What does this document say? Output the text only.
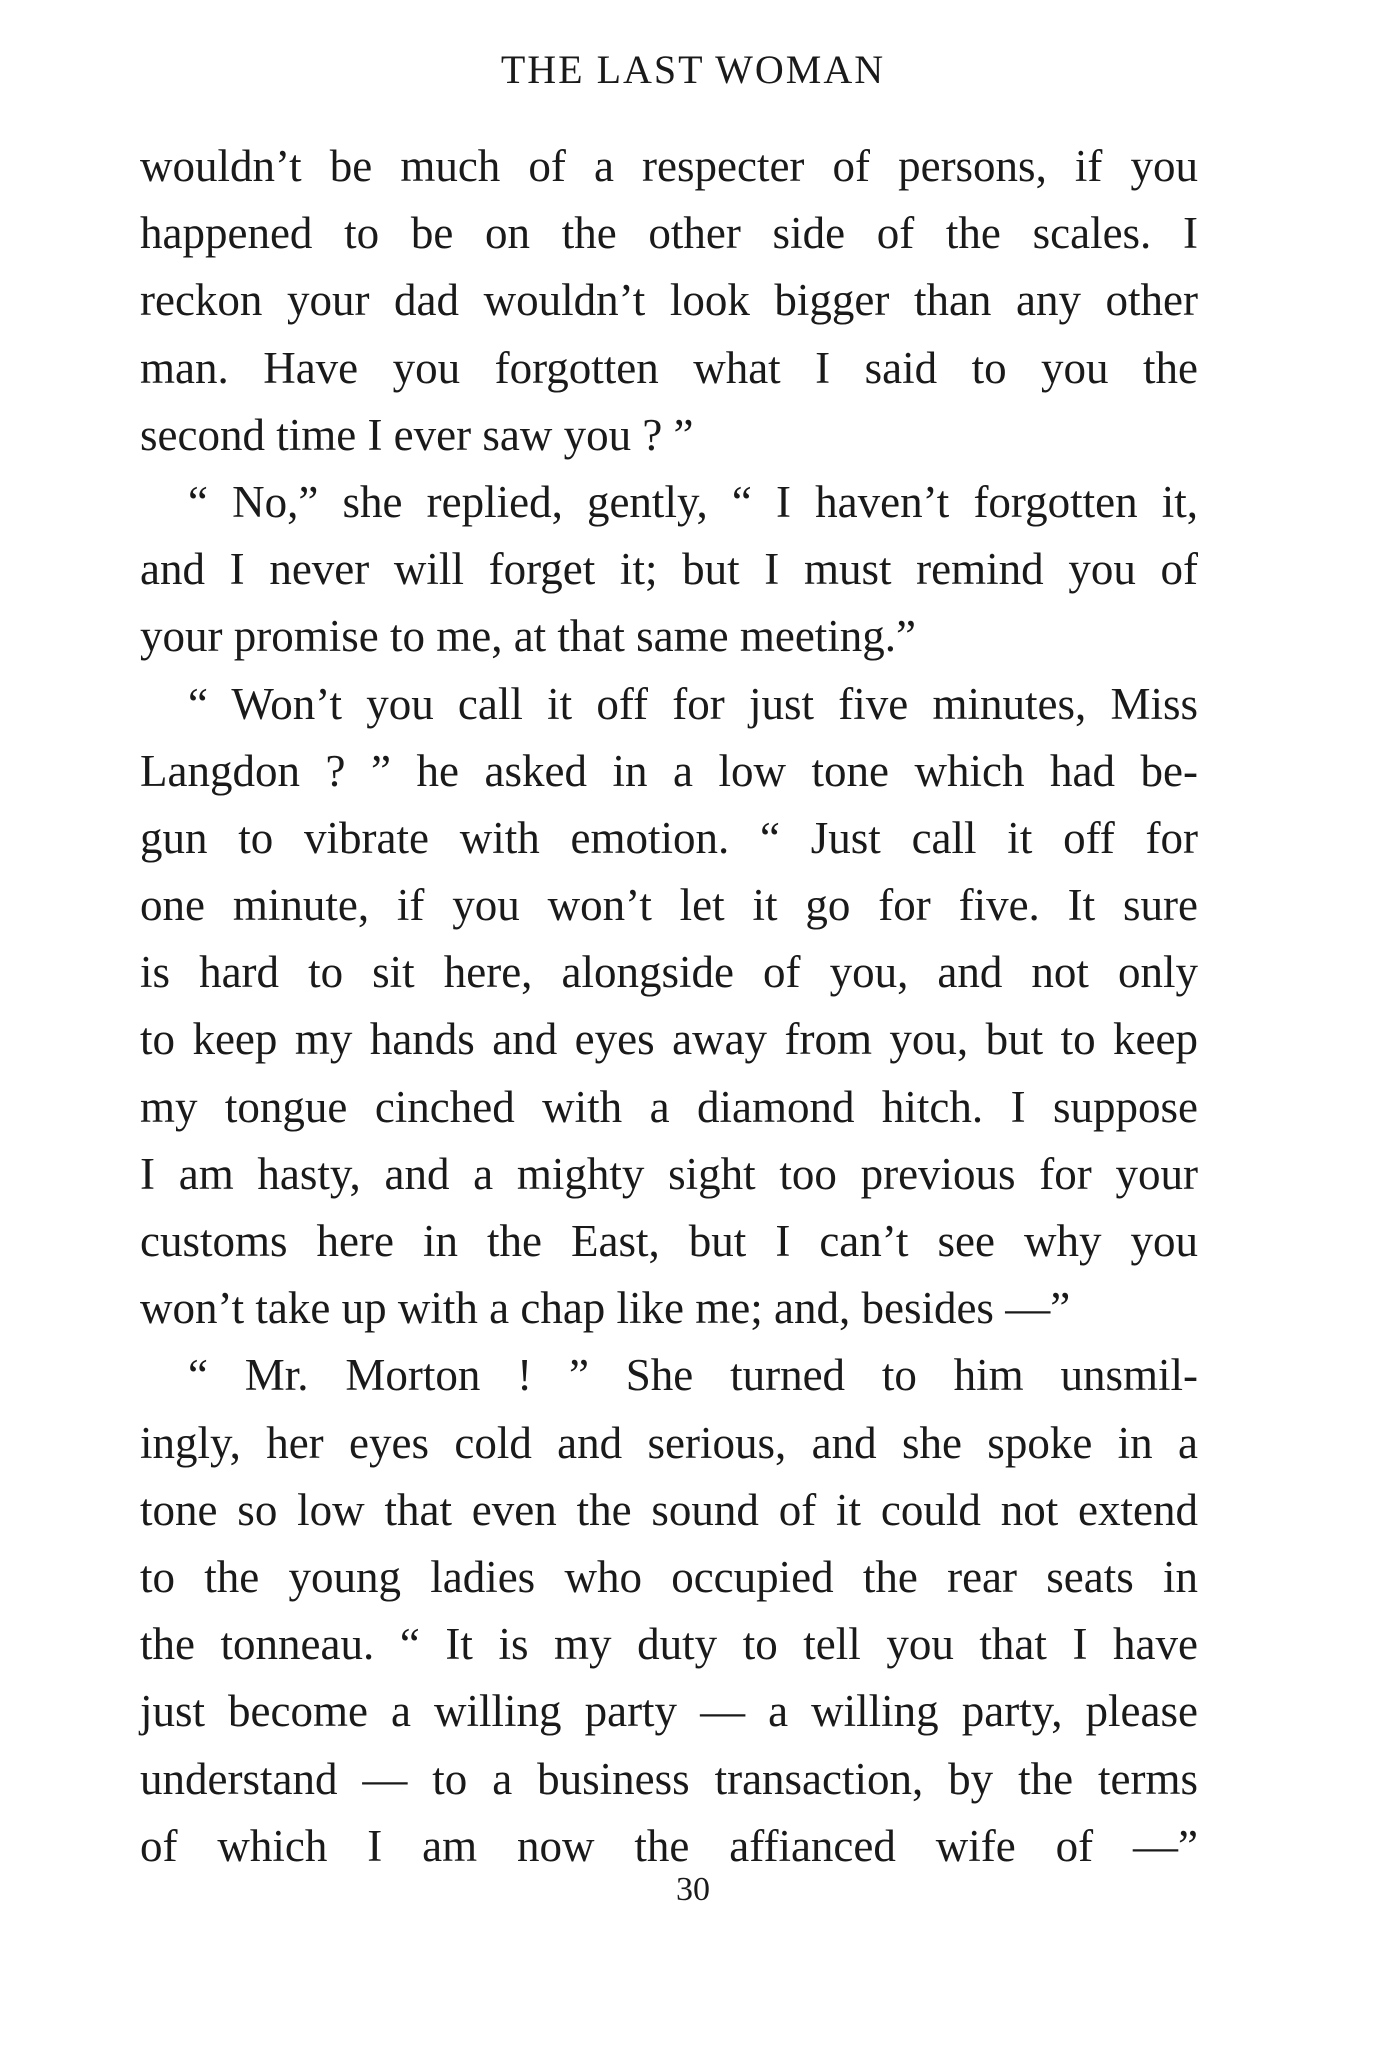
THE LAST WOMAN
wouldn’t be much of a respecter of persons, if you
happened to be on the other side of the scales. I
reckon your dad wouldn’t look bigger than any other
man. Have you forgotten what I said to you the
second time I ever saw you ? ”
“ No,” she replied, gently, “ I haven’t forgotten it,
and I never will forget it; but I must remind you of
your promise to me, at that same meeting.”
“ Won’t you call it off for just five minutes, Miss
Langdon ? ” he asked in a low tone which had be-
gun to vibrate with emotion. “ Just call it off for
one minute, if you won’t let it go for five. It sure
is hard to sit here, alongside of you, and not only
to keep my hands and eyes away from you, but to keep
my tongue cinched with a diamond hitch. I suppose
I am hasty, and a mighty sight too previous for your
customs here in the East, but I can’t see why you
won’t take up with a chap like me; and, besides —”
“ Mr. Morton ! ” She turned to him unsmil-
ingly, her eyes cold and serious, and she spoke in a
tone so low that even the sound of it could not extend
to the young ladies who occupied the rear seats in
the tonneau. “ It is my duty to tell you that I have
just become a willing party — a willing party, please
understand — to a business transaction, by the terms
of which I am now the affianced wife of —”
30
